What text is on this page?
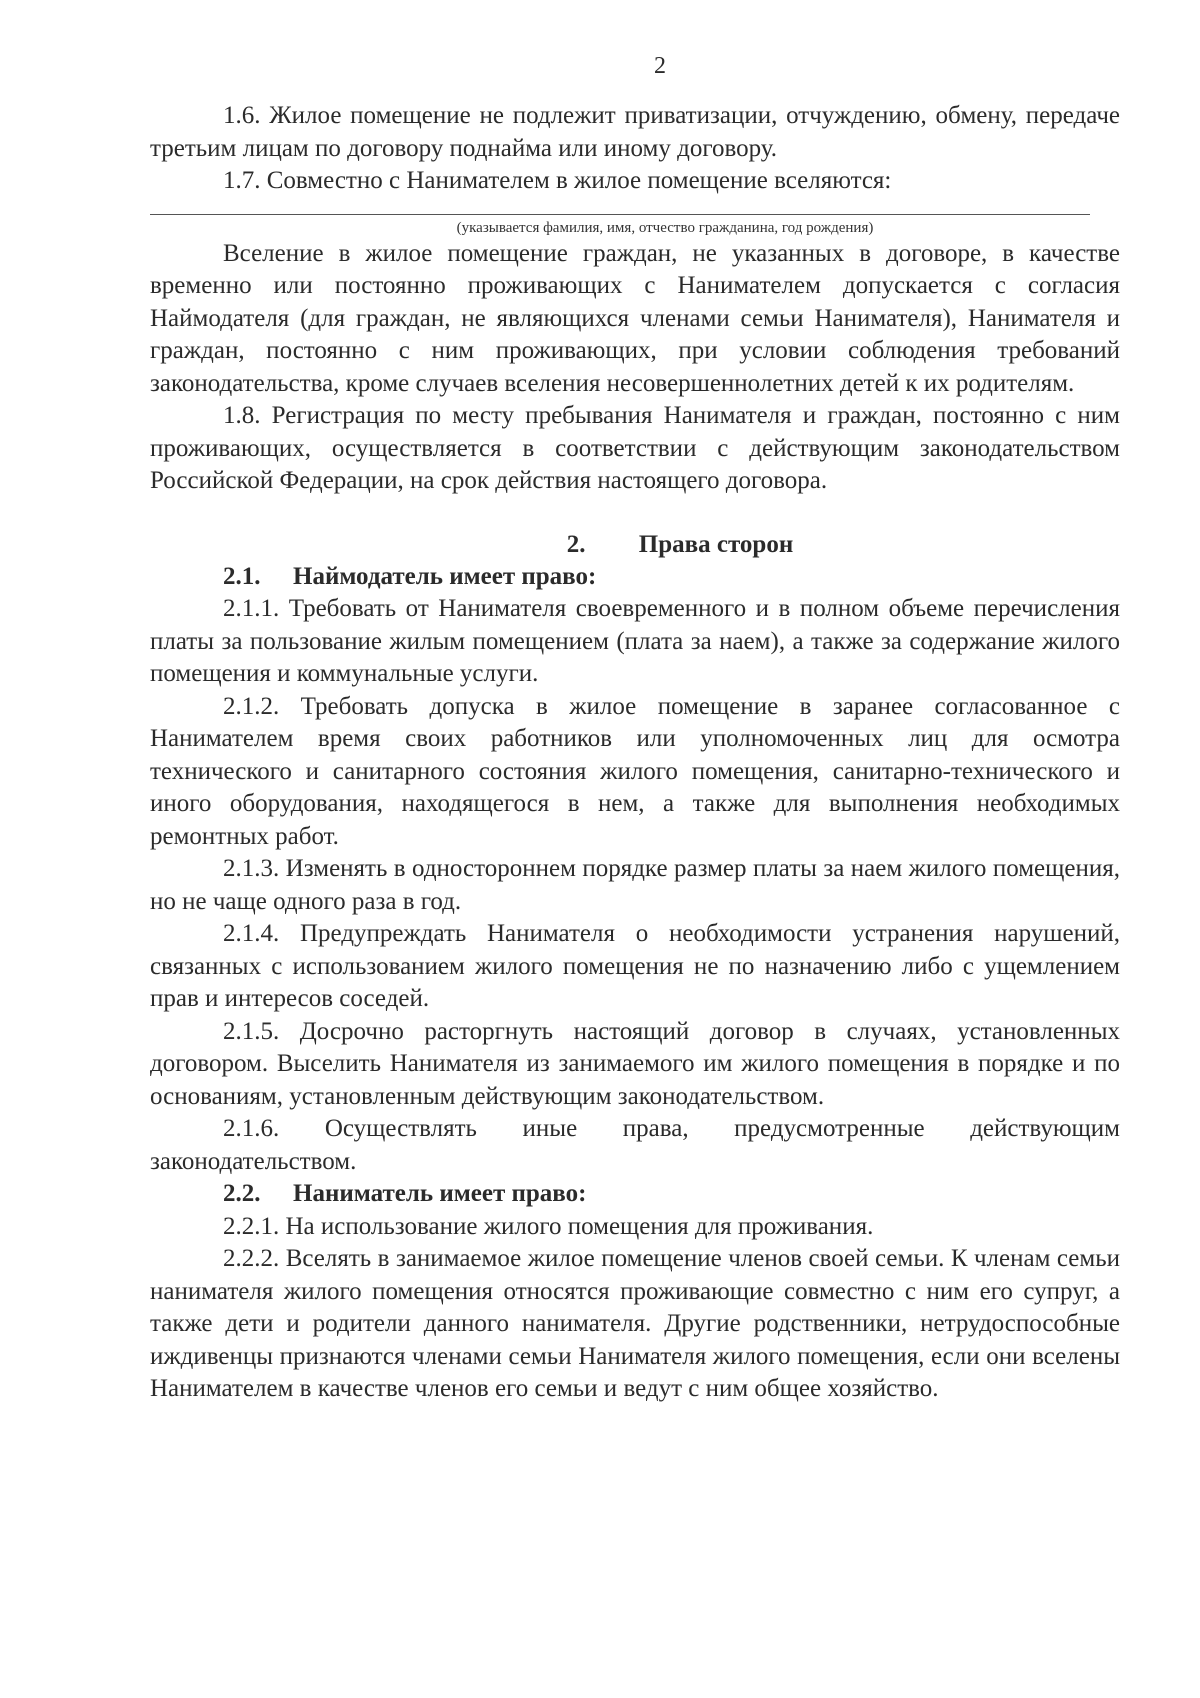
2

1.6. Жилое помещение не подлежит приватизации, отчуждению, обмену, передаче третьим лицам по договору поднайма или иному договору.

1.7. Совместно с Нанимателем в жилое помещение вселяются:

(указывается фамилия, имя, отчество гражданина, год рождения)

Вселение в жилое помещение граждан, не указанных в договоре, в качестве временно или постоянно проживающих с Нанимателем допускается с согласия Наймодателя (для граждан, не являющихся членами семьи Нанимателя), Нанимателя и граждан, постоянно с ним проживающих, при условии соблюдения требований законодательства, кроме случаев вселения несовершеннолетних детей к их родителям.

1.8. Регистрация по месту пребывания Нанимателя и граждан, постоянно с ним проживающих, осуществляется в соответствии с действующим законодательством Российской Федерации, на срок действия настоящего договора.

2. Права сторон
2.1. Наймодатель имеет право:

2.1.1. Требовать от Нанимателя своевременного и в полном объеме перечисления платы за пользование жилым помещением (плата за наем), а также за содержание жилого помещения и коммунальные услуги.

2.1.2. Требовать допуска в жилое помещение в заранее согласованное с Нанимателем время своих работников или уполномоченных лиц для осмотра технического и санитарного состояния жилого помещения, санитарно-технического и иного оборудования, находящегося в нем, а также для выполнения необходимых ремонтных работ.

2.1.3. Изменять в одностороннем порядке размер платы за наем жилого помещения, но не чаще одного раза в год.

2.1.4. Предупреждать Нанимателя о необходимости устранения нарушений, связанных с использованием жилого помещения не по назначению либо с ущемлением прав и интересов соседей.

2.1.5. Досрочно расторгнуть настоящий договор в случаях, установленных договором. Выселить Нанимателя из занимаемого им жилого помещения в порядке и по основаниям, установленным действующим законодательством.

2.1.6. Осуществлять иные права, предусмотренные действующим законодательством.

2.2. Наниматель имеет право:

2.2.1. На использование жилого помещения для проживания.

2.2.2. Вселять в занимаемое жилое помещение членов своей семьи. К членам семьи нанимателя жилого помещения относятся проживающие совместно с ним его супруг, а также дети и родители данного нанимателя. Другие родственники, нетрудоспособные иждивенцы признаются членами семьи Нанимателя жилого помещения, если они вселены Нанимателем в качестве членов его семьи и ведут с ним общее хозяйство.
